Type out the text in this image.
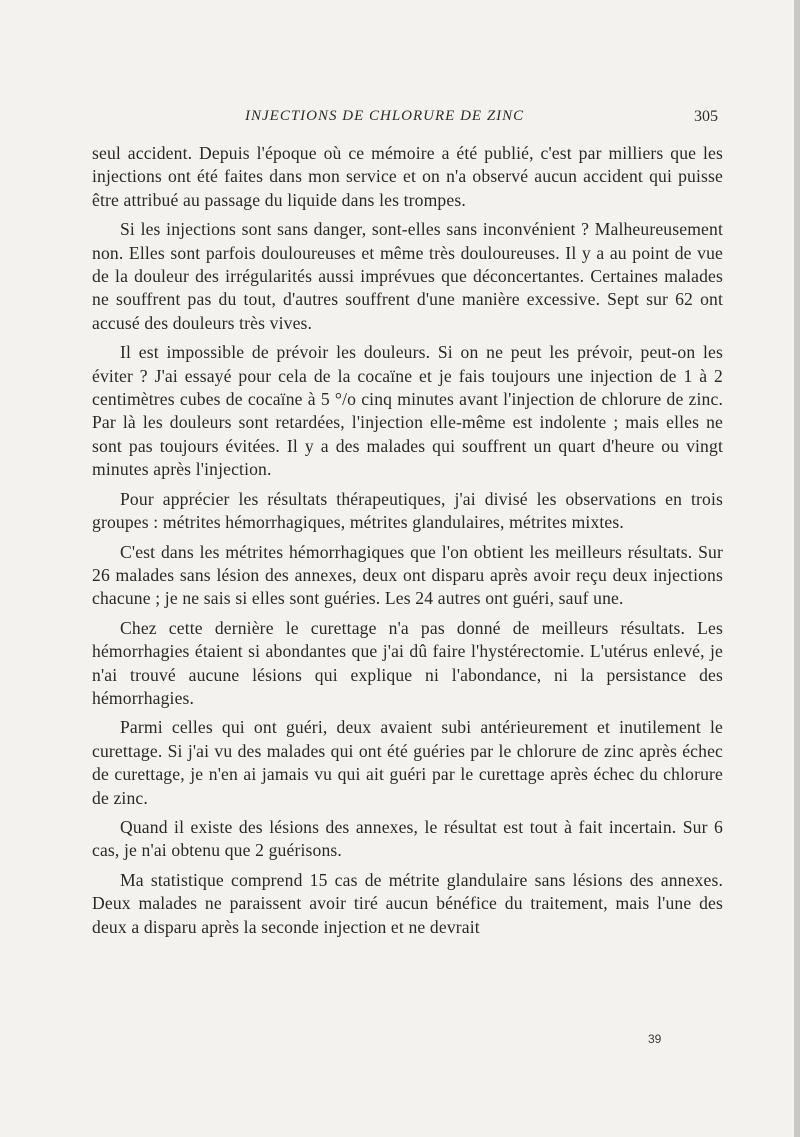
INJECTIONS DE CHLORURE DE ZINC	305

seul accident. Depuis l'époque où ce mémoire a été publié, c'est par milliers que les injections ont été faites dans mon service et on n'a observé aucun accident qui puisse être attribué au passage du liquide dans les trompes.

Si les injections sont sans danger, sont-elles sans inconvénient ? Malheureusement non. Elles sont parfois douloureuses et même très douloureuses. Il y a au point de vue de la douleur des irrégularités aussi imprévues que déconcertantes. Certaines malades ne souffrent pas du tout, d'autres souffrent d'une manière excessive. Sept sur 62 ont accusé des douleurs très vives.

Il est impossible de prévoir les douleurs. Si on ne peut les prévoir, peut-on les éviter ? J'ai essayé pour cela de la cocaïne et je fais toujours une injection de 1 à 2 centimètres cubes de cocaïne à 5 °/o cinq minutes avant l'injection de chlorure de zinc. Par là les douleurs sont retardées, l'injection elle-même est indolente ; mais elles ne sont pas toujours évitées. Il y a des malades qui souffrent un quart d'heure ou vingt minutes après l'injection.

Pour apprécier les résultats thérapeutiques, j'ai divisé les observations en trois groupes : métrites hémorrhagiques, métrites glandulaires, métrites mixtes.

C'est dans les métrites hémorrhagiques que l'on obtient les meilleurs résultats. Sur 26 malades sans lésion des annexes, deux ont disparu après avoir reçu deux injections chacune ; je ne sais si elles sont guéries. Les 24 autres ont guéri, sauf une.

Chez cette dernière le curettage n'a pas donné de meilleurs résultats. Les hémorrhagies étaient si abondantes que j'ai dû faire l'hystérectomie. L'utérus enlevé, je n'ai trouvé aucune lésions qui explique ni l'abondance, ni la persistance des hémorrhagies.

Parmi celles qui ont guéri, deux avaient subi antérieurement et inutilement le curettage. Si j'ai vu des malades qui ont été guéries par le chlorure de zinc après échec de curettage, je n'en ai jamais vu qui ait guéri par le curettage après échec du chlorure de zinc.

Quand il existe des lésions des annexes, le résultat est tout à fait incertain. Sur 6 cas, je n'ai obtenu que 2 guérisons.

Ma statistique comprend 15 cas de métrite glandulaire sans lésions des annexes. Deux malades ne paraissent avoir tiré aucun bénéfice du traitement, mais l'une des deux a disparu après la seconde injection et ne devrait

39
